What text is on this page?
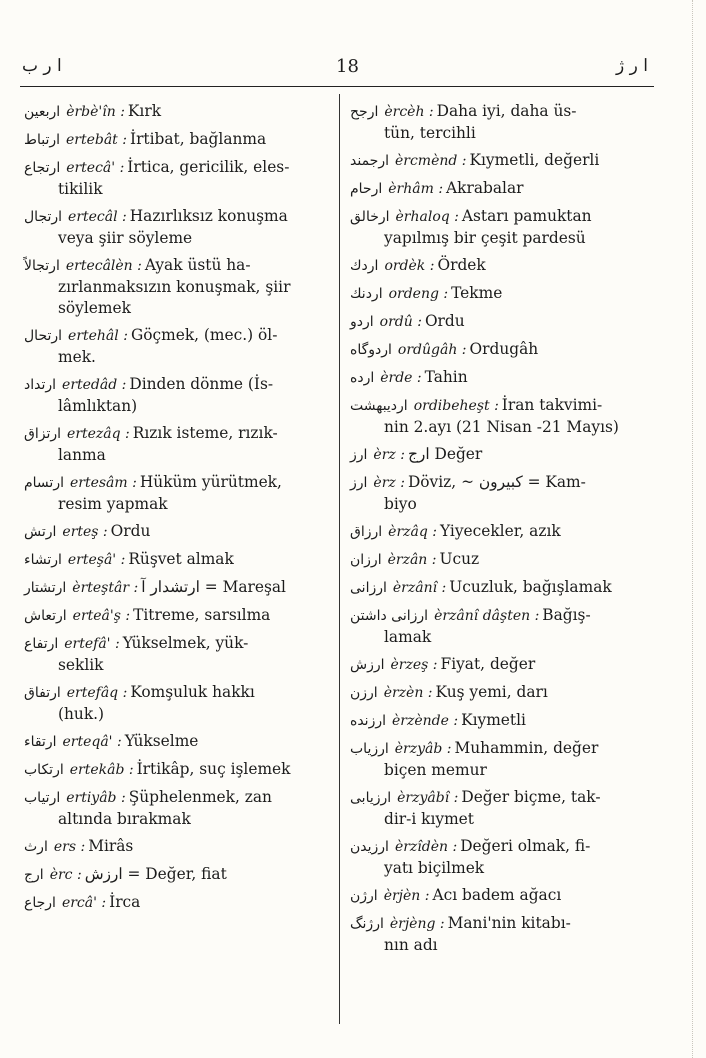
ا ر ب	18	ا ر ژ
اربعين èrbè'în : Kırk
ارتباط ertebât : İrtibat, bağlanma
ارتجاع ertecâ' : İrtica, gericilik, eles-
tikilik
ارتجال ertecâl : Hazırlıksız konuşma
veya şiir söyleme
ارتجالاً ertecâlèn : Ayak üstü ha-
zırlanmaksızın konuşmak, şiir
söylemek
ارتحال ertehâl : Göçmek, (mec.) öl-
mek.
ارتداد ertedâd : Dinden dönme (İs-
lâmlıktan)
ارتزاق ertezâq : Rızık isteme, rızık-
lanma
ارتسام ertesâm : Hüküm yürütmek,
resim yapmak
ارتش erteş : Ordu
ارتشاء erteşâ' : Rüşvet almak
ارتشتار èrteştâr : ارتشدار آ = Mareşal
ارتعاش erteâ'ş : Titreme, sarsılma
ارتفاع ertefâ' : Yükselmek, yük-
seklik
ارتفاق ertefâq : Komşuluk hakkı
(huk.)
ارتقاء erteqâ' : Yükselme
ارتكاب ertekâb : İrtikâp, suç işlemek
ارتياب ertiyâb : Şüphelenmek, zan
altında bırakmak
ارث ers : Mirâs
ارج èrc : ارزش = Değer, fiat
ارجاع ercâ' : İrca
ارجح èrcèh : Daha iyi, daha üs-
tün, tercihli
ارجمند èrcmènd : Kıymetli, değerli
ارحام èrhâm : Akrabalar
ارخالق èrhaloq : Astarı pamuktan
yapılmış bir çeşit pardesü
اردك ordèk : Ördek
اردنك ordeng : Tekme
اردو ordû : Ordu
اردوگاه ordûgâh : Ordugâh
ارده èrde : Tahin
ارديبهشت ordibeheşt : İran takvimi-
nin 2.ayı (21 Nisan -21 Mayıs)
ارز èrz : ارج Değer
ارز èrz : Döviz, ~ كبيرون = Kam-
biyo
ارزاق èrzâq : Yiyecekler, azık
ارزان èrzân : Ucuz
ارزانى èrzânî : Ucuzluk, bağışlamak
ارزانى داشتن èrzânî dâşten : Bağış-
lamak
ارزش èrzeş : Fiyat, değer
ارزن èrzèn : Kuş yemi, darı
ارزنده èrzènde : Kıymetli
ارزياب èrzyâb : Muhammin, değer
biçen memur
ارزيابى èrzyâbî : Değer biçme, tak-
dir-i kıymet
ارزيدن èrzîdèn : Değeri olmak, fi-
yatı biçilmek
ارژن èrjèn : Acı badem ağacı
ارژنگ èrjèng : Mani'nin kitabı-
nın adı
